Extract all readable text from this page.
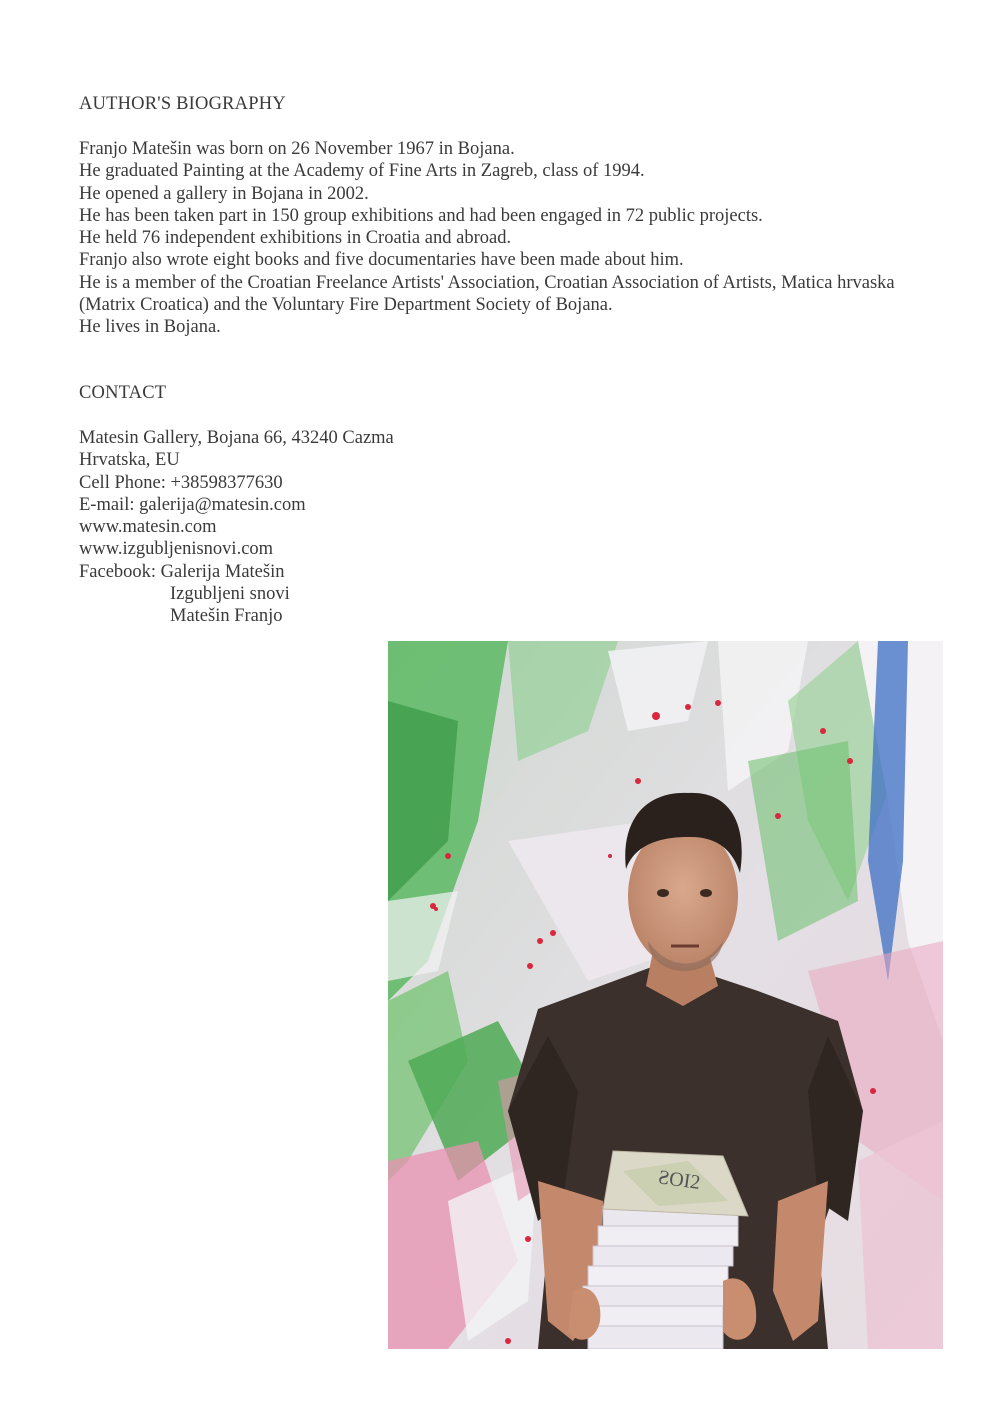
AUTHOR'S BIOGRAPHY
Franjo Matešin was born on 26 November 1967 in Bojana.
He graduated Painting at the Academy of Fine Arts in Zagreb, class of 1994.
He opened a gallery in Bojana in 2002.
He has been taken part in 150 group exhibitions and had been engaged in 72 public projects.
He held 76 independent exhibitions in Croatia and abroad.
Franjo also wrote eight books and five documentaries have been made about him.
He is a member of the Croatian Freelance Artists' Association, Croatian Association of Artists, Matica hrvaska (Matrix Croatica) and the Voluntary Fire Department Society of Bojana.
He lives in Bojana.
CONTACT
Matesin Gallery, Bojana 66, 43240 Cazma
Hrvatska, EU
Cell Phone: +38598377630
E-mail: galerija@matesin.com
www.matesin.com
www.izgubljenisnovi.com
Facebook: Galerija Matešin
Izgubljeni snovi
Matešin Franjo
ƧOI2
